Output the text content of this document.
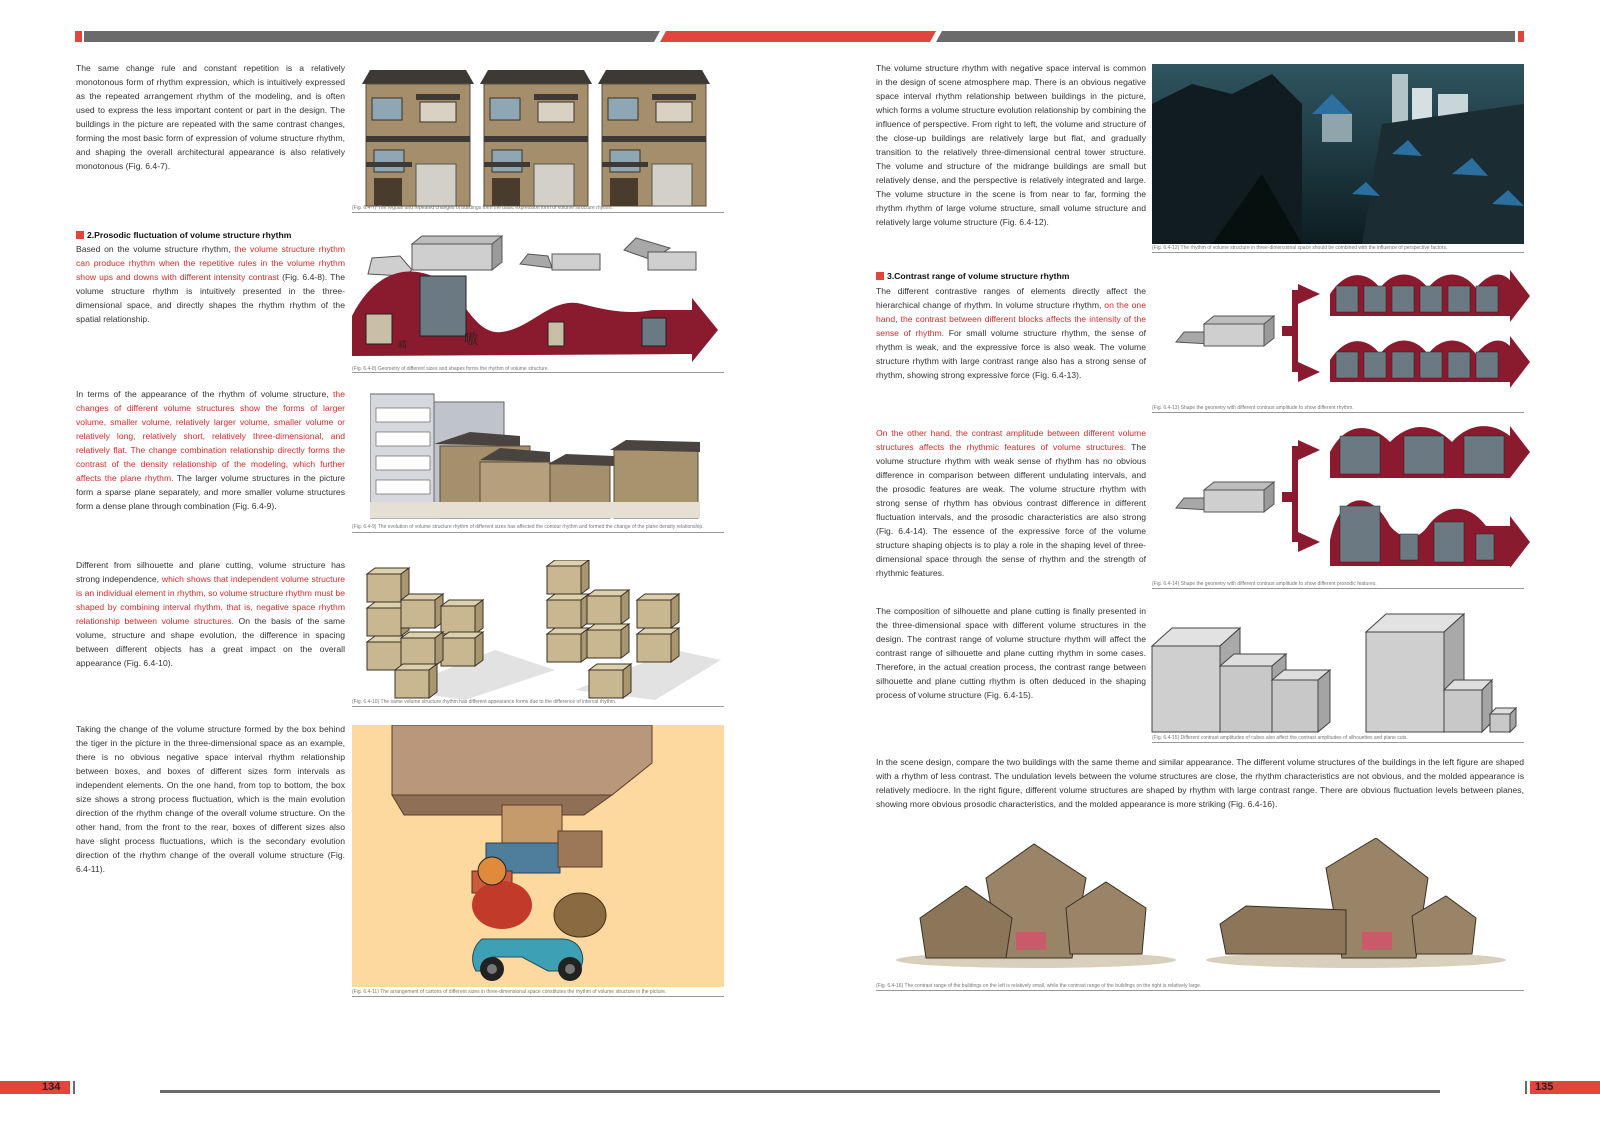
134	135

The same change rule and constant repetition is a relatively monotonous form of rhythm expression, which is intuitively expressed as the repeated arrangement rhythm of the modeling, and is often used to express the less important content or part in the design. The buildings in the picture are repeated with the same contrast changes, forming the most basic form of expression of volume structure rhythm, and shaping the overall architectural appearance is also relatively monotonous (Fig. 6.4-7).

(Fig. 6.4-7) The regular and repeated changes of buildings form the basic expression form of volume structure rhythm.
2.Prosodic fluctuation of volume structure rhythm

Based on the volume structure rhythm, the volume structure rhythm can produce rhythm when the repetitive rules in the volume rhythm show ups and downs with different intensity contrast (Fig. 6.4-8). The volume structure rhythm is intuitively presented in the three-dimensional space, and directly shapes the rhythm rhythm of the spatial relationship.

喵	嗷
(Fig. 6.4-8) Geometry of different sizes and shapes forms the rhythm of volume structure.

In terms of the appearance of the rhythm of volume structure, the changes of different volume structures show the forms of larger volume, smaller volume, relatively larger volume, smaller volume or relatively long, relatively short, relatively three-dimensional, and relatively flat. The change combination relationship directly forms the contrast of the density relationship of the modeling, which further affects the plane rhythm. The larger volume structures in the picture form a sparse plane separately, and more smaller volume structures form a dense plane through combination (Fig. 6.4-9).

(Fig. 6.4-9) The evolution of volume structure rhythm of different sizes has affected the contour rhythm and formed the change of the plane density relationship.

Different from silhouette and plane cutting, volume structure has strong independence, which shows that independent volume structure is an individual element in rhythm, so volume structure rhythm must be shaped by combining interval rhythm, that is, negative space rhythm relationship between volume structures. On the basis of the same volume, structure and shape evolution, the difference in spacing between different objects has a great impact on the overall appearance (Fig. 6.4-10).

(Fig. 6.4-10) The same volume structure rhythm has different appearance forms due to the difference of interval rhythm.

Taking the change of the volume structure formed by the box behind the tiger in the picture in the three-dimensional space as an example, there is no obvious negative space interval rhythm relationship between boxes, and boxes of different sizes form intervals as independent elements. On the one hand, from top to bottom, the box size shows a strong process fluctuation, which is the main evolution direction of the rhythm change of the overall volume structure. On the other hand, from the front to the rear, boxes of different sizes also have slight process fluctuations, which is the secondary evolution direction of the rhythm change of the overall volume structure (Fig. 6.4-11).

(Fig. 6.4-11) The arrangement of cartons of different sizes in three-dimensional space constitutes the rhythm of volume structure in the picture.

The volume structure rhythm with negative space interval is common in the design of scene atmosphere map. There is an obvious negative space interval rhythm relationship between buildings in the picture, which forms a volume structure evolution relationship by combining the influence of perspective. From right to left, the volume and structure of the close-up buildings are relatively large but flat, and gradually transition to the relatively three-dimensional central tower structure. The volume and structure of the midrange buildings are small but relatively dense, and the perspective is relatively integrated and large. The volume structure in the scene is from near to far, forming the rhythm rhythm of large volume structure, small volume structure and relatively large volume structure (Fig. 6.4-12).

(Fig. 6.4-12) The rhythm of volume structure in three-dimensional space should be combined with the influence of perspective factors.
3.Contrast range of volume structure rhythm

The different contrastive ranges of elements directly affect the hierarchical change of rhythm. In volume structure rhythm, on the one hand, the contrast between different blocks affects the intensity of the sense of rhythm. For small volume structure rhythm, the sense of rhythm is weak, and the expressive force is also weak. The volume structure rhythm with large contrast range also has a strong sense of rhythm, showing strong expressive force (Fig. 6.4-13).

(Fig. 6.4-13) Shape the geometry with different contrast amplitude to show different rhythm.

On the other hand, the contrast amplitude between different volume structures affects the rhythmic features of volume structures. The volume structure rhythm with weak sense of rhythm has no obvious difference in comparison between different undulating intervals, and the prosodic features are weak. The volume structure rhythm with strong sense of rhythm has obvious contrast difference in different fluctuation intervals, and the prosodic characteristics are also strong (Fig. 6.4-14). The essence of the expressive force of the volume structure shaping objects is to play a role in the shaping level of three-dimensional space through the sense of rhythm and the strength of rhythmic features.

(Fig. 6.4-14) Shape the geometry with different contrast amplitude to show different prosodic features.

The composition of silhouette and plane cutting is finally presented in the three-dimensional space with different volume structures in the design. The contrast range of volume structure rhythm will affect the contrast range of silhouette and plane cutting rhythm in some cases. Therefore, in the actual creation process, the contrast range between silhouette and plane cutting rhythm is often deduced in the shaping process of volume structure (Fig. 6.4-15).

(Fig. 6.4-15) Different contrast amplitudes of cubes also affect the contrast amplitudes of silhouettes and plane cuts.

In the scene design, compare the two buildings with the same theme and similar appearance. The different volume structures of the buildings in the left figure are shaped with a rhythm of less contrast. The undulation levels between the volume structures are close, the rhythm characteristics are not obvious, and the molded appearance is relatively mediocre. In the right figure, different volume structures are shaped by rhythm with large contrast range. There are obvious fluctuation levels between planes, showing more obvious prosodic characteristics, and the molded appearance is more striking (Fig. 6.4-16).

(Fig. 6.4-16) The contrast range of the buildings on the left is relatively small, while the contrast range of the buildings on the right is relatively large.
